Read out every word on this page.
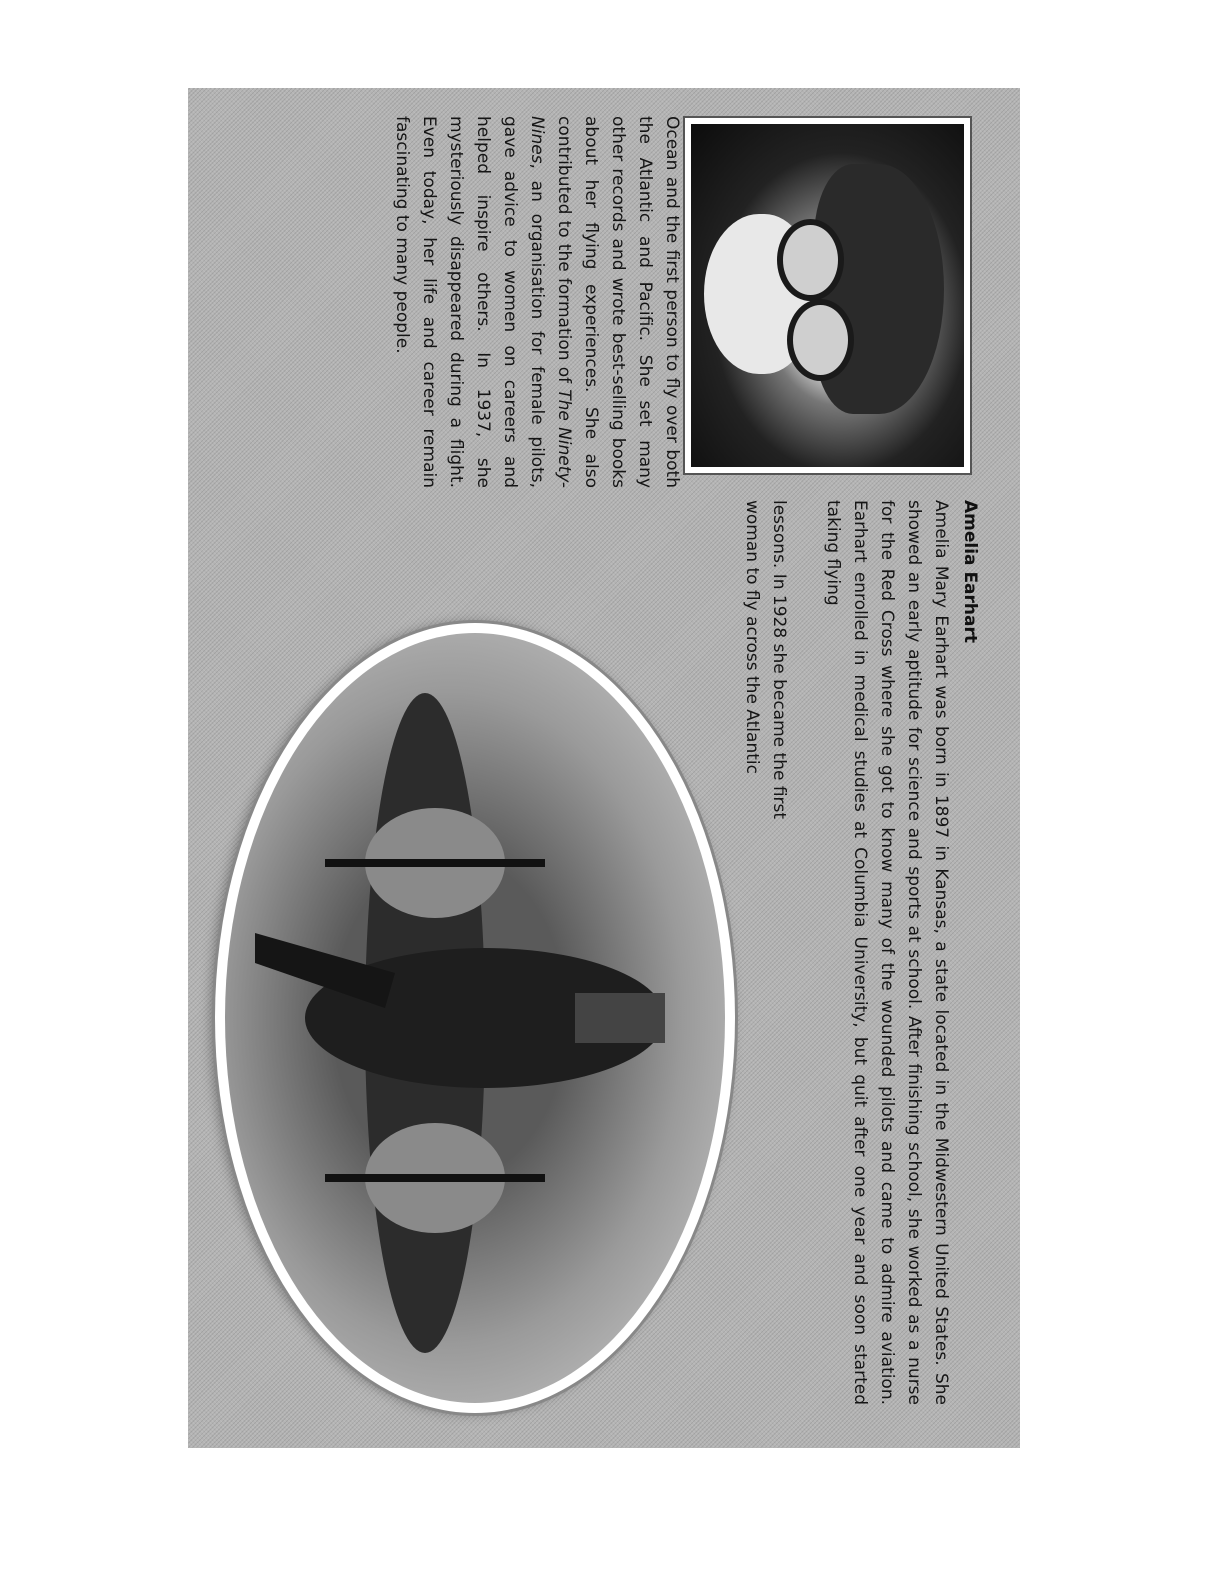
Amelia Earhart

Amelia Mary Earhart was born in 1897 in Kansas, a state located in the Midwestern United States. She showed an early aptitude for science and sports at school. After finishing school, she worked as a nurse for the Red Cross where she got to know many of the wounded pilots and came to admire aviation. Earhart enrolled in medical studies at Columbia University, but quit after one year and soon started taking flying

lessons. In 1928 she became the first woman to fly across the Atlantic

Ocean and the first person to fly over both the Atlantic and Pacific. She set many other records and wrote best-selling books about her flying experiences. She also contributed to the formation of The Ninety-Nines, an organisation for female pilots, gave advice to women on careers and helped inspire others. In 1937, she mysteriously disappeared during a flight. Even today, her life and career remain fascinating to many people.
